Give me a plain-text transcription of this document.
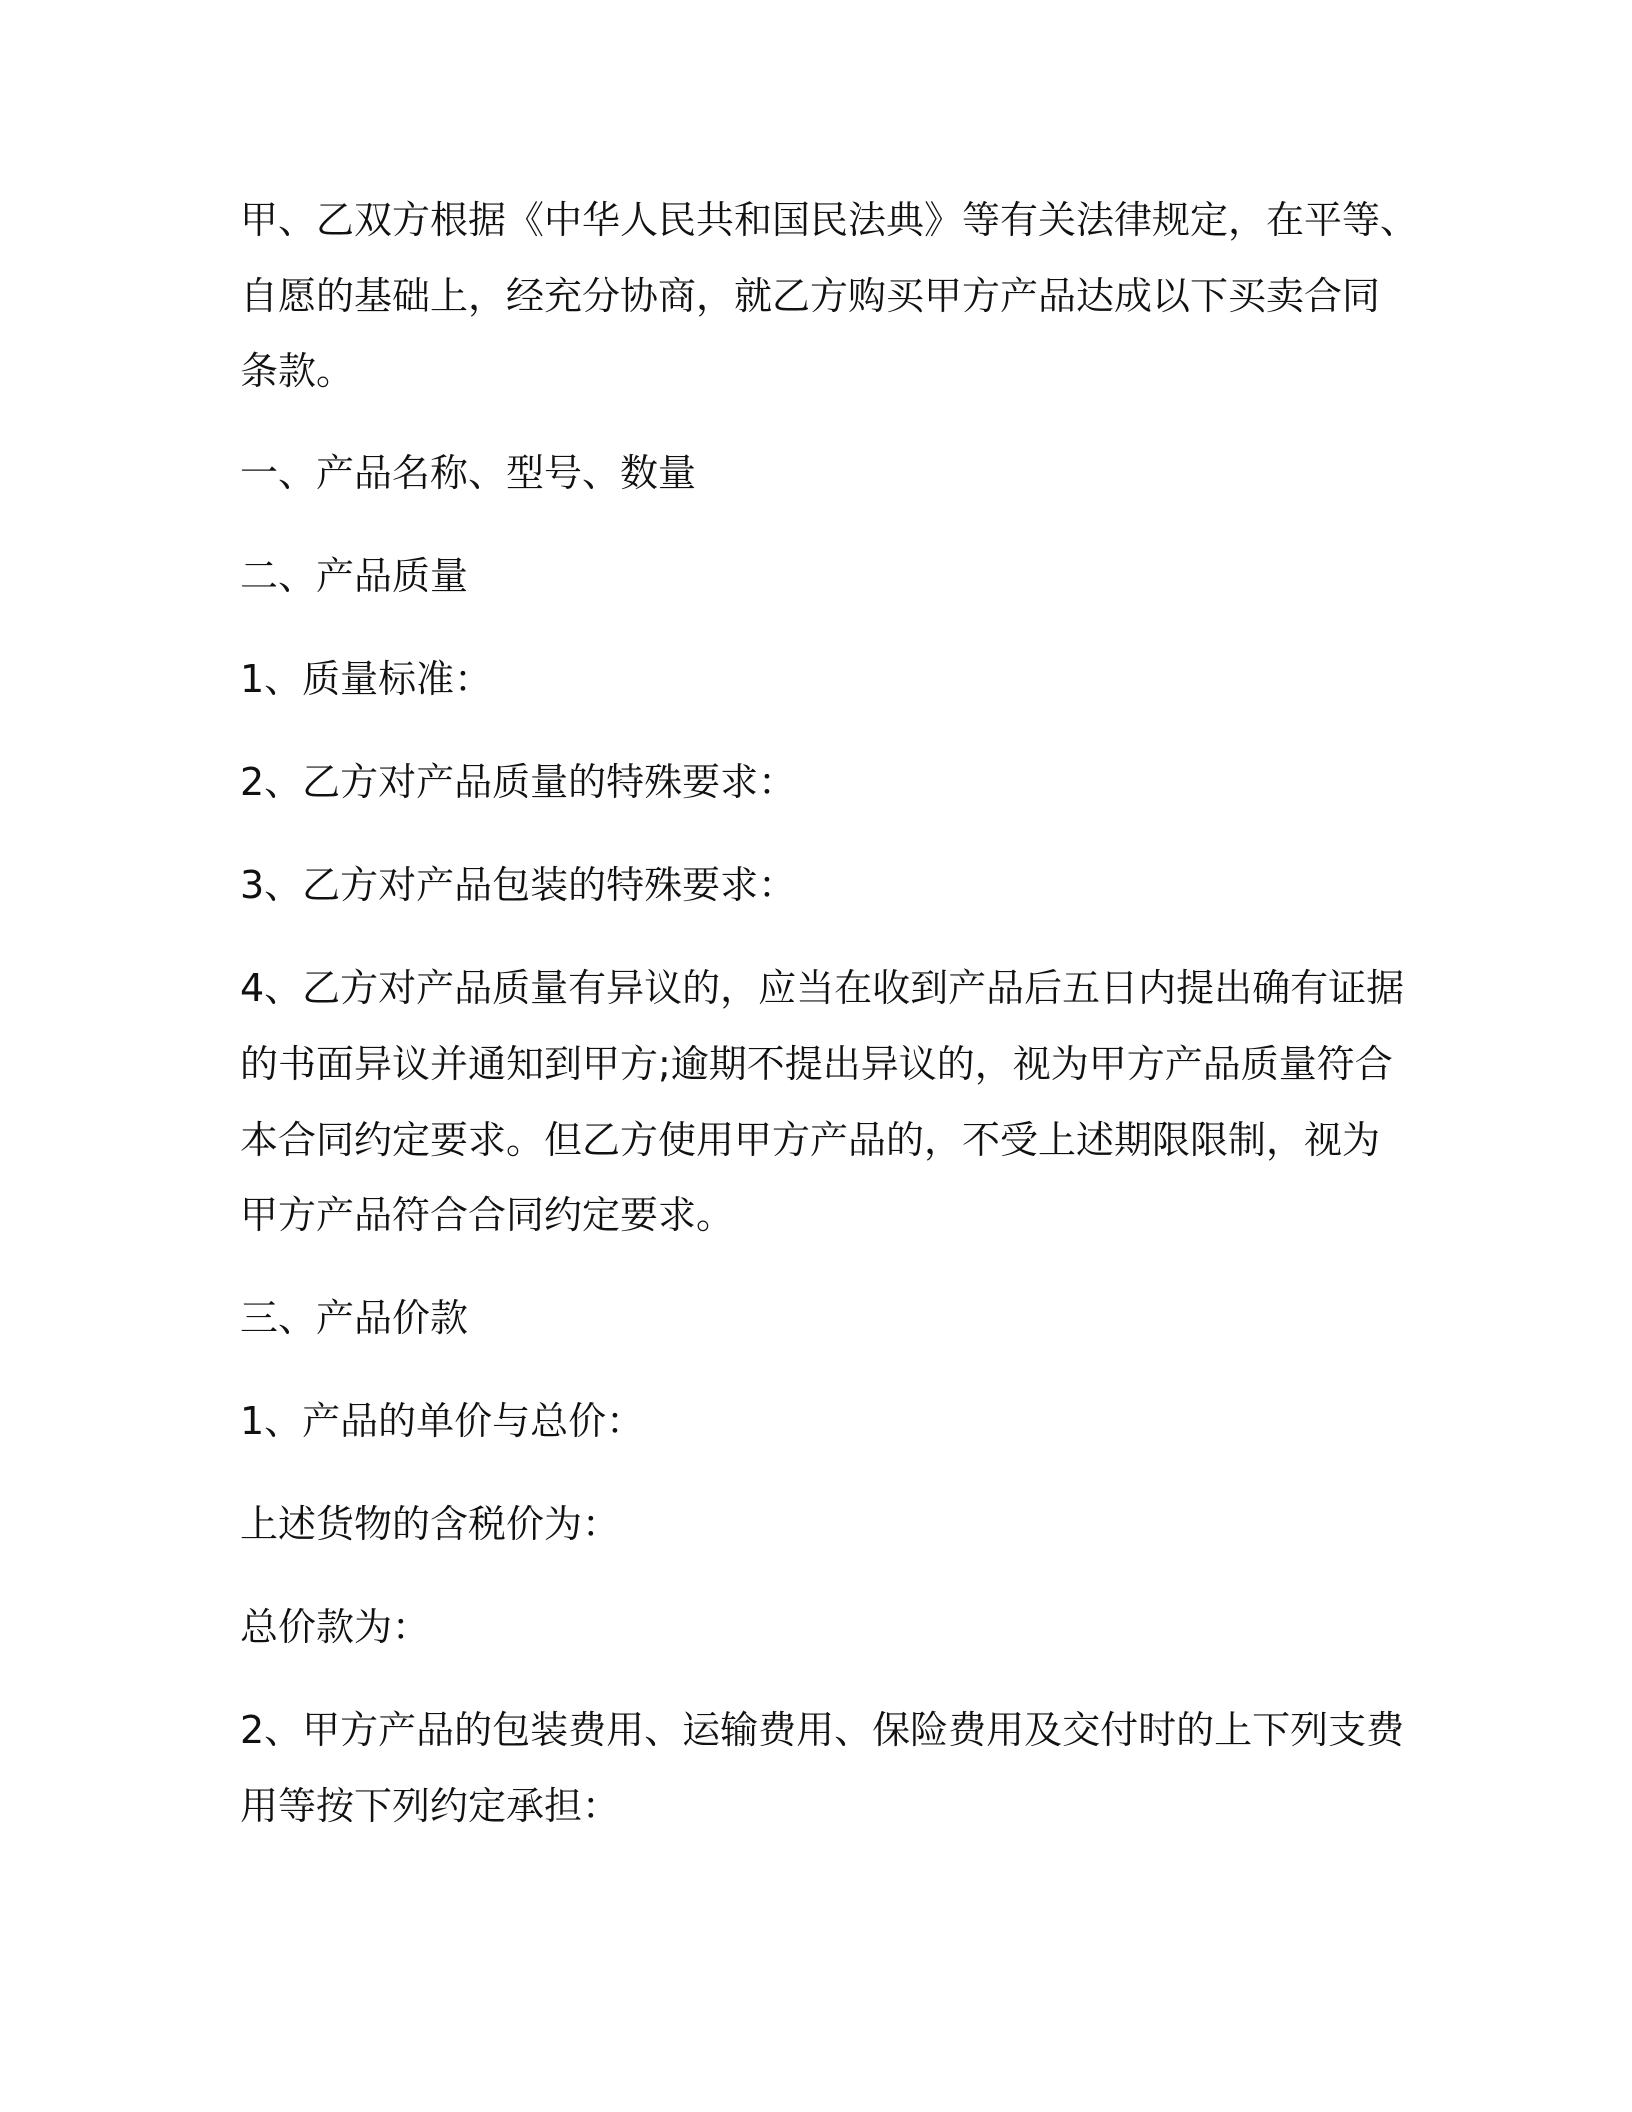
甲、乙双方根据《中华人民共和国民法典》等有关法律规定，在平等、
自愿的基础上，经充分协商，就乙方购买甲方产品达成以下买卖合同
条款。
一、产品名称、型号、数量
二、产品质量
1、质量标准：
2、乙方对产品质量的特殊要求：
3、乙方对产品包装的特殊要求：
4、乙方对产品质量有异议的，应当在收到产品后五日内提出确有证据
的书面异议并通知到甲方;逾期不提出异议的，视为甲方产品质量符合
本合同约定要求。但乙方使用甲方产品的，不受上述期限限制，视为
甲方产品符合合同约定要求。
三、产品价款
1、产品的单价与总价：
上述货物的含税价为：
总价款为：
2、甲方产品的包装费用、运输费用、保险费用及交付时的上下列支费
用等按下列约定承担：
